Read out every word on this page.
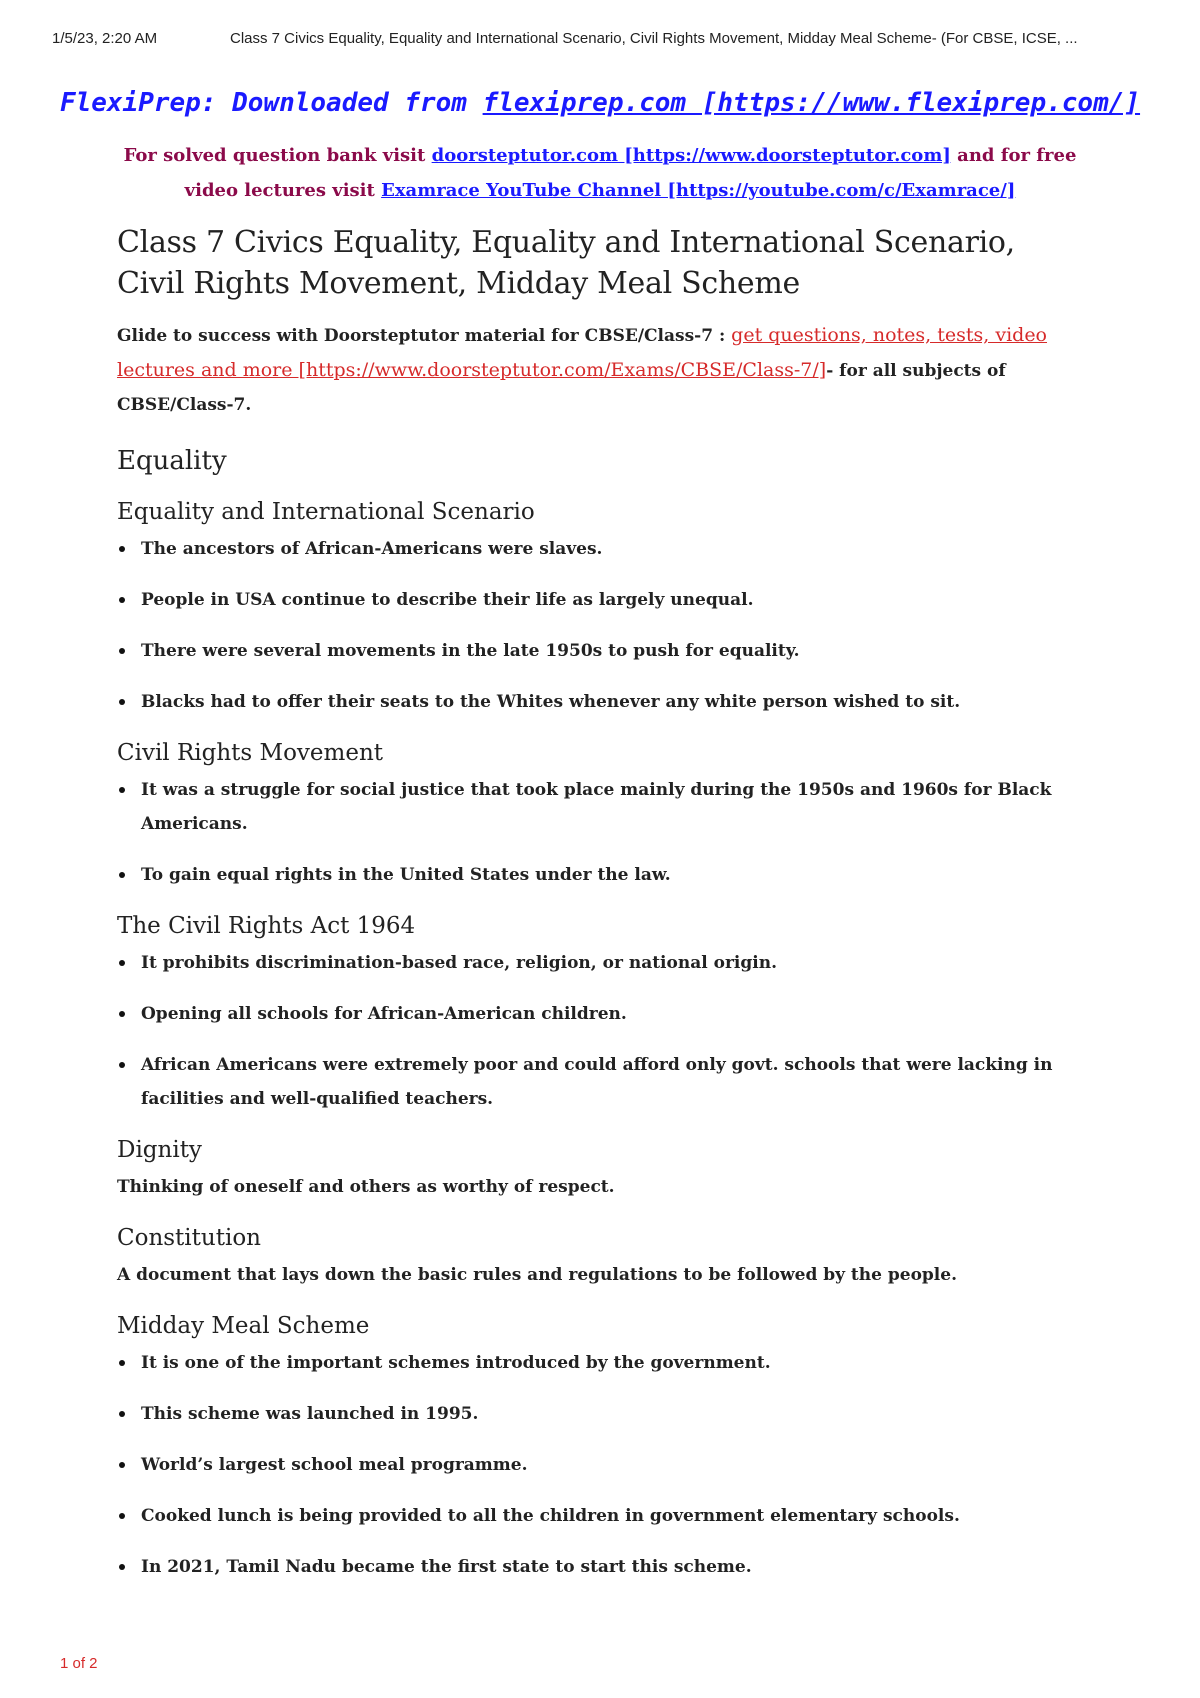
1/5/23, 2:20 AM	Class 7 Civics Equality, Equality and International Scenario, Civil Rights Movement, Midday Meal Scheme- (For CBSE, ICSE, ...
FlexiPrep: Downloaded from flexiprep.com [https://www.flexiprep.com/]
For solved question bank visit doorsteptutor.com [https://www.doorsteptutor.com] and for free video lectures visit Examrace YouTube Channel [https://youtube.com/c/Examrace/]
Class 7 Civics Equality, Equality and International Scenario, Civil Rights Movement, Midday Meal Scheme

Glide to success with Doorsteptutor material for CBSE/Class-7 : get questions, notes, tests, video lectures and more [https://www.doorsteptutor.com/Exams/CBSE/Class-7/]- for all subjects of CBSE/Class-7.

Equality
Equality and International Scenario
The ancestors of African-Americans were slaves.
People in USA continue to describe their life as largely unequal.
There were several movements in the late 1950s to push for equality.
Blacks had to offer their seats to the Whites whenever any white person wished to sit.
Civil Rights Movement
It was a struggle for social justice that took place mainly during the 1950s and 1960s for Black Americans.
To gain equal rights in the United States under the law.
The Civil Rights Act 1964
It prohibits discrimination-based race, religion, or national origin.
Opening all schools for African-American children.
African Americans were extremely poor and could afford only govt. schools that were lacking in facilities and well-qualified teachers.
Dignity

Thinking of oneself and others as worthy of respect.

Constitution

A document that lays down the basic rules and regulations to be followed by the people.

Midday Meal Scheme
It is one of the important schemes introduced by the government.
This scheme was launched in 1995.
World’s largest school meal programme.
Cooked lunch is being provided to all the children in government elementary schools.
In 2021, Tamil Nadu became the first state to start this scheme.
1 of 2
